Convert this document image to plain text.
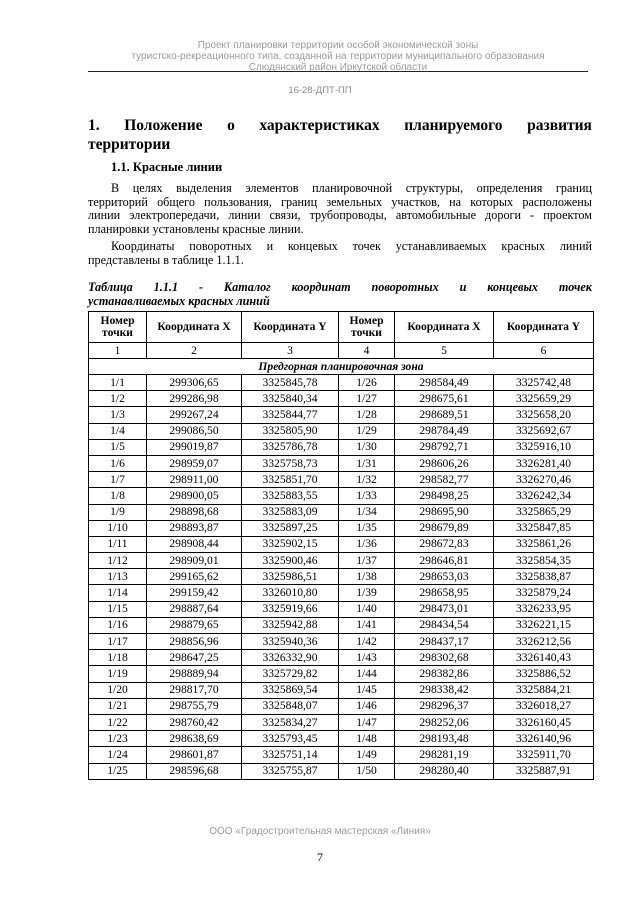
Проект планировки территории особой экономической зоны
туристско-рекреационного типа, созданной на территории муниципального образования
Слюдянский район Иркутской области
16-28-ДПТ-ПП
1. Положение о характеристиках планируемого развития
территории
1.1. Красные линии
В целях выделения элементов планировочной структуры, определения границ
территорий общего пользования, границ земельных участков, на которых расположены
линии электропередачи, линии связи, трубопроводы, автомобильные дороги - проектом
планировки установлены красные линии.
Координаты поворотных и концевых точек устанавливаемых красных линий
представлены в таблице 1.1.1.
Таблица 1.1.1 - Каталог координат поворотных и концевых точек
устанавливаемых красных линий
Номер точки	Координата X	Координата Y	Номер точки	Координата X	Координата Y
1	2	3	4	5	6
Предгорная планировочная зона					
1/1	299306,65	3325845,78	1/26	298584,49	3325742,48
1/2	299286,98	3325840,34	1/27	298675,61	3325659,29
1/3	299267,24	3325844,77	1/28	298689,51	3325658,20
1/4	299086,50	3325805,90	1/29	298784,49	3325692,67
1/5	299019,87	3325786,78	1/30	298792,71	3325916,10
1/6	298959,07	3325758,73	1/31	298606,26	3326281,40
1/7	298911,00	3325851,70	1/32	298582,77	3326270,46
1/8	298900,05	3325883,55	1/33	298498,25	3326242,34
1/9	298898,68	3325883,09	1/34	298695,90	3325865,29
1/10	298893,87	3325897,25	1/35	298679,89	3325847,85
1/11	298908,44	3325902,15	1/36	298672,83	3325861,26
1/12	298909,01	3325900,46	1/37	298646,81	3325854,35
1/13	299165,62	3325986,51	1/38	298653,03	3325838,87
1/14	299159,42	3326010,80	1/39	298658,95	3325879,24
1/15	298887,64	3325919,66	1/40	298473,01	3326233,95
1/16	298879,65	3325942,88	1/41	298434,54	3326221,15
1/17	298856,96	3325940,36	1/42	298437,17	3326212,56
1/18	298647,25	3326332,90	1/43	298302,68	3326140,43
1/19	298889,94	3325729,82	1/44	298382,86	3325886,52
1/20	298817,70	3325869,54	1/45	298338,42	3325884,21
1/21	298755,79	3325848,07	1/46	298296,37	3326018,27
1/22	298760,42	3325834,27	1/47	298252,06	3326160,45
1/23	298638,69	3325793,45	1/48	298193,48	3326140,96
1/24	298601,87	3325751,14	1/49	298281,19	3325911,70
1/25	298596,68	3325755,87	1/50	298280,40	3325887,91
ООО «Градостроительная мастерская «Линия»
7
